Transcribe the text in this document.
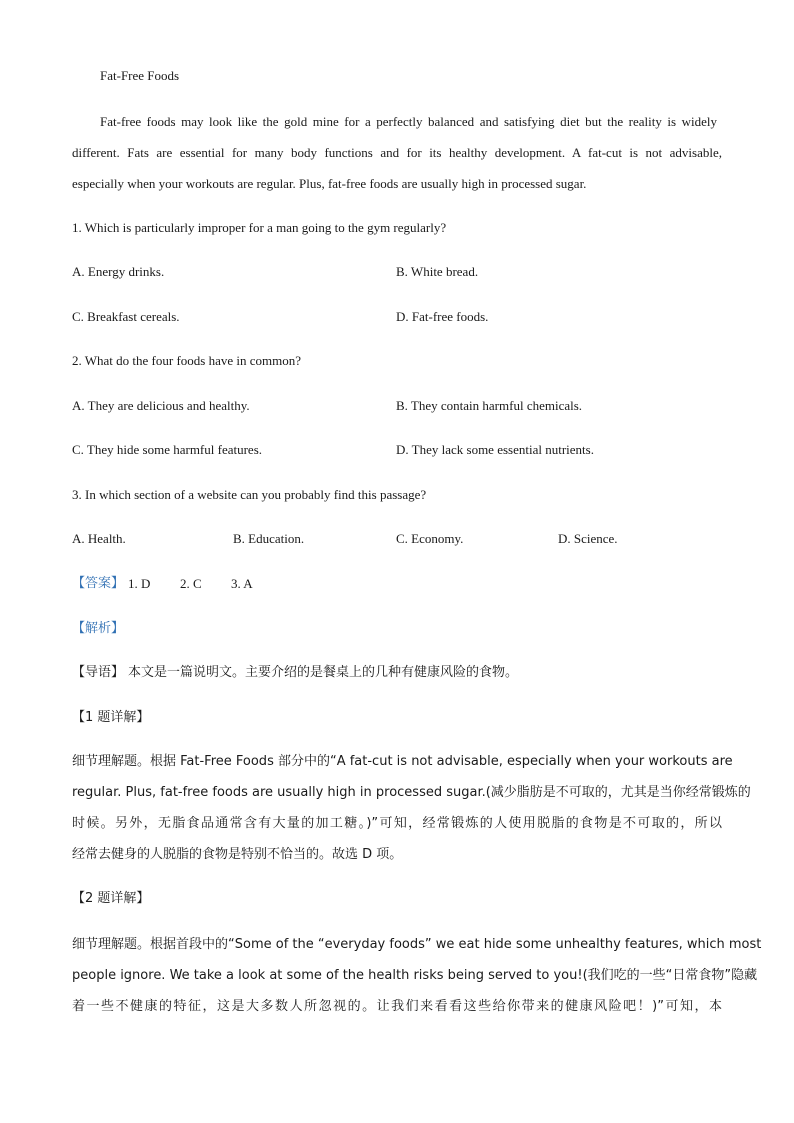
Fat-Free Foods
Fat-free foods may look like the gold mine for a perfectly balanced and satisfying diet but the reality is widely
different. Fats are essential for many body functions and for its healthy development. A fat-cut is not advisable,
especially when your workouts are regular. Plus, fat-free foods are usually high in processed sugar.
1. Which is particularly improper for a man going to the gym regularly?
A. Energy drinks.	B. White bread.
C. Breakfast cereals.	D. Fat-free foods.
2. What do the four foods have in common?
A. They are delicious and healthy.	B. They contain harmful chemicals.
C. They hide some harmful features.	D. They lack some essential nutrients.
3. In which section of a website can you probably find this passage?
A. Health.	B. Education.	C. Economy.	D. Science.
【答案】 1. D 2. C 3. A
【解析】
【导语】 本文是一篇说明文。主要介绍的是餐桌上的几种有健康风险的食物。
【1 题详解】
细节理解题。根据 Fat-Free Foods 部分中的“A fat-cut is not advisable, especially when your workouts are
regular. Plus, fat-free foods are usually high in processed sugar.(减少脂肪是不可取的，尤其是当你经常锻炼的
时候。另外，无脂食品通常含有大量的加工糖。)”可知，经常锻炼的人使用脱脂的食物是不可取的，所以
经常去健身的人脱脂的食物是特别不恰当的。故选 D 项。
【2 题详解】
细节理解题。根据首段中的“Some of the “everyday foods” we eat hide some unhealthy features, which most
people ignore. We take a look at some of the health risks being served to you!(我们吃的一些“日常食物”隐藏
着一些不健康的特征，这是大多数人所忽视的。让我们来看看这些给你带来的健康风险吧！)”可知，本
